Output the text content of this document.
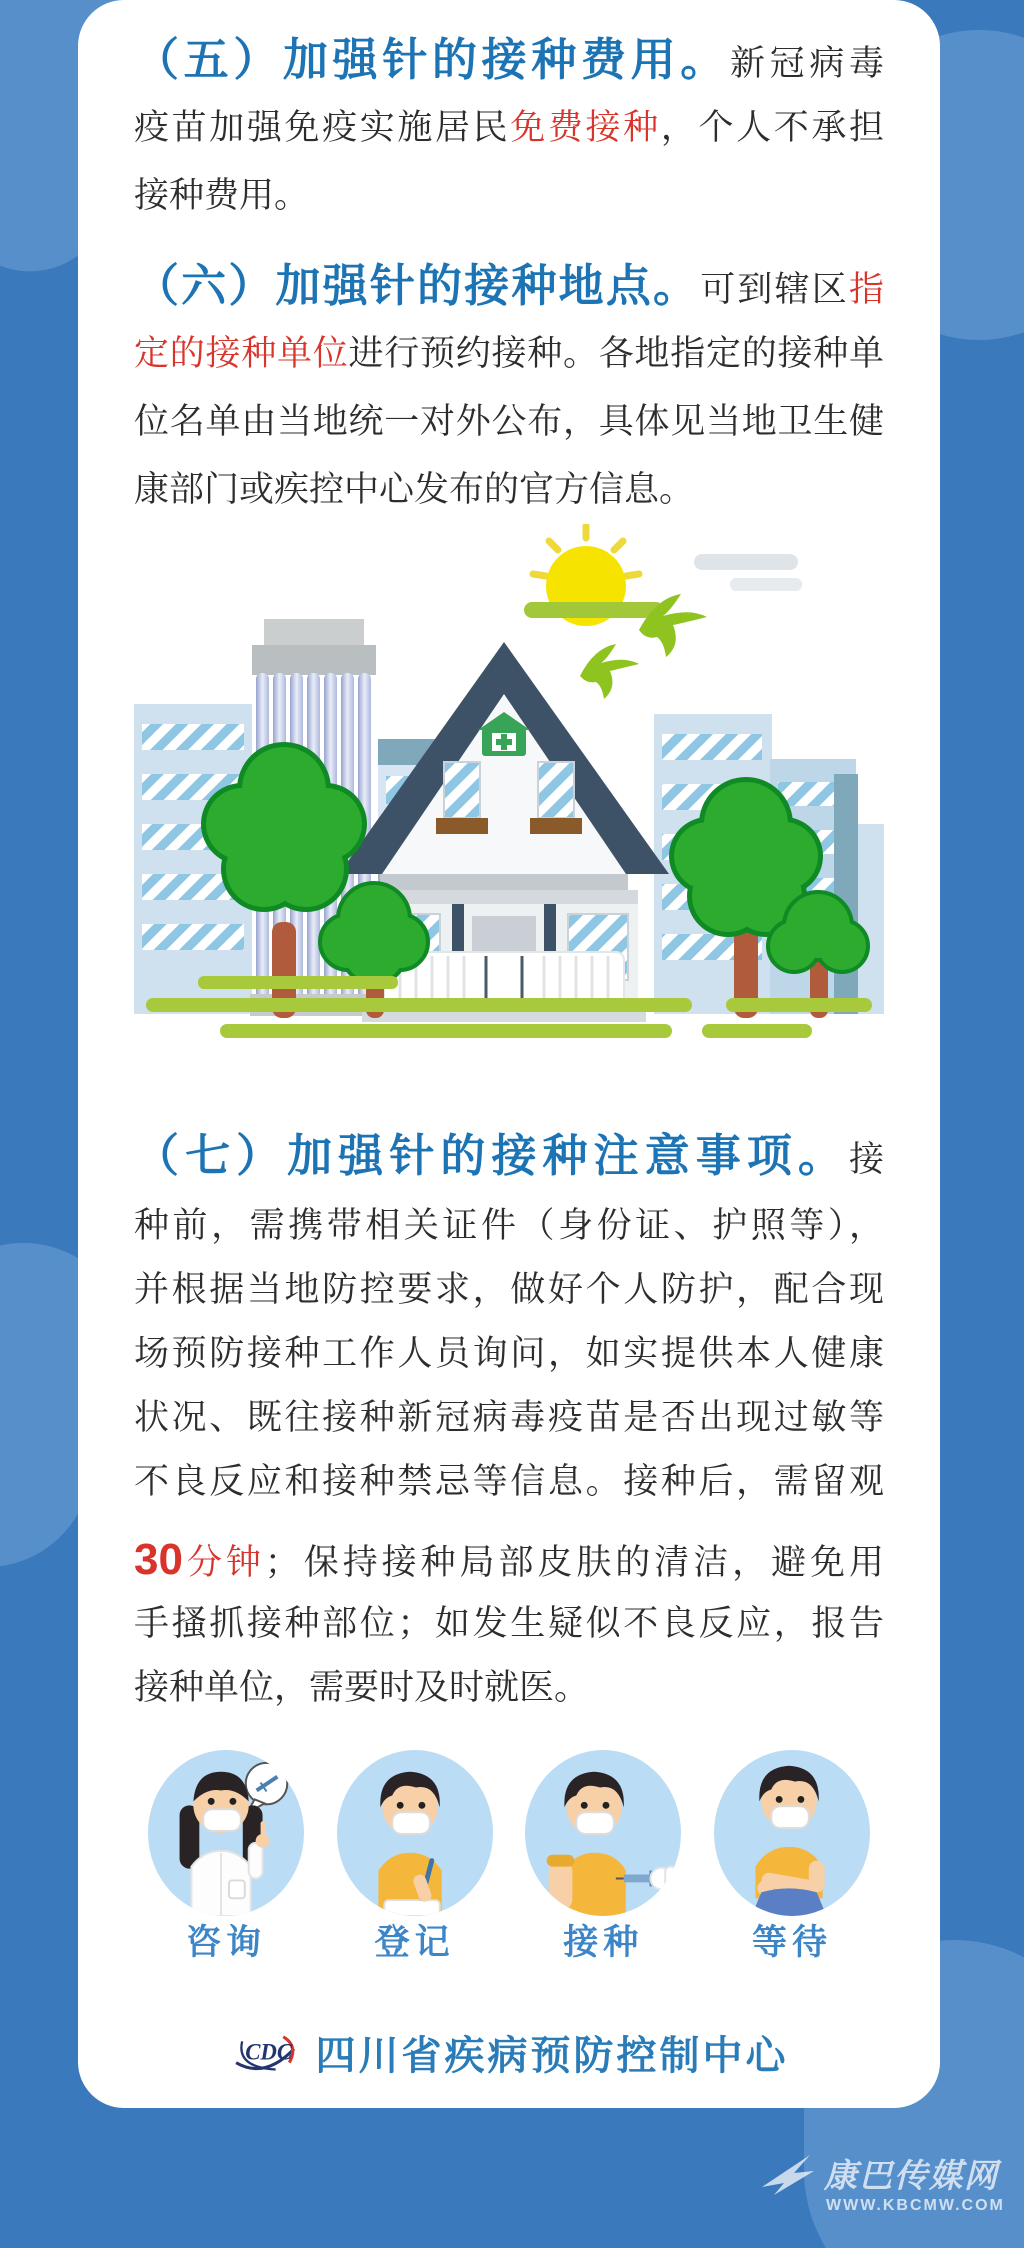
（五）加强针的接种费用。新冠病毒
疫苗加强免疫实施居民免费接种，个人不承担
接种费用。
（六）加强针的接种地点。可到辖区指
定的接种单位进行预约接种。各地指定的接种单
位名单由当地统一对外公布，具体见当地卫生健
康部门或疾控中心发布的官方信息。
（七）加强针的接种注意事项。接
种前，需携带相关证件（身份证、护照等），
并根据当地防控要求，做好个人防护，配合现
场预防接种工作人员询问，如实提供本人健康
状况、既往接种新冠病毒疫苗是否出现过敏等
不良反应和接种禁忌等信息。接种后，需留观
30分钟；保持接种局部皮肤的清洁，避免用
手搔抓接种部位；如发生疑似不良反应，报告
接种单位，需要时及时就医。
咨询	登记	接种	等待
CDC 四川省疾病预防控制中心
康巴传媒网
WWW.KBCMW.COM
